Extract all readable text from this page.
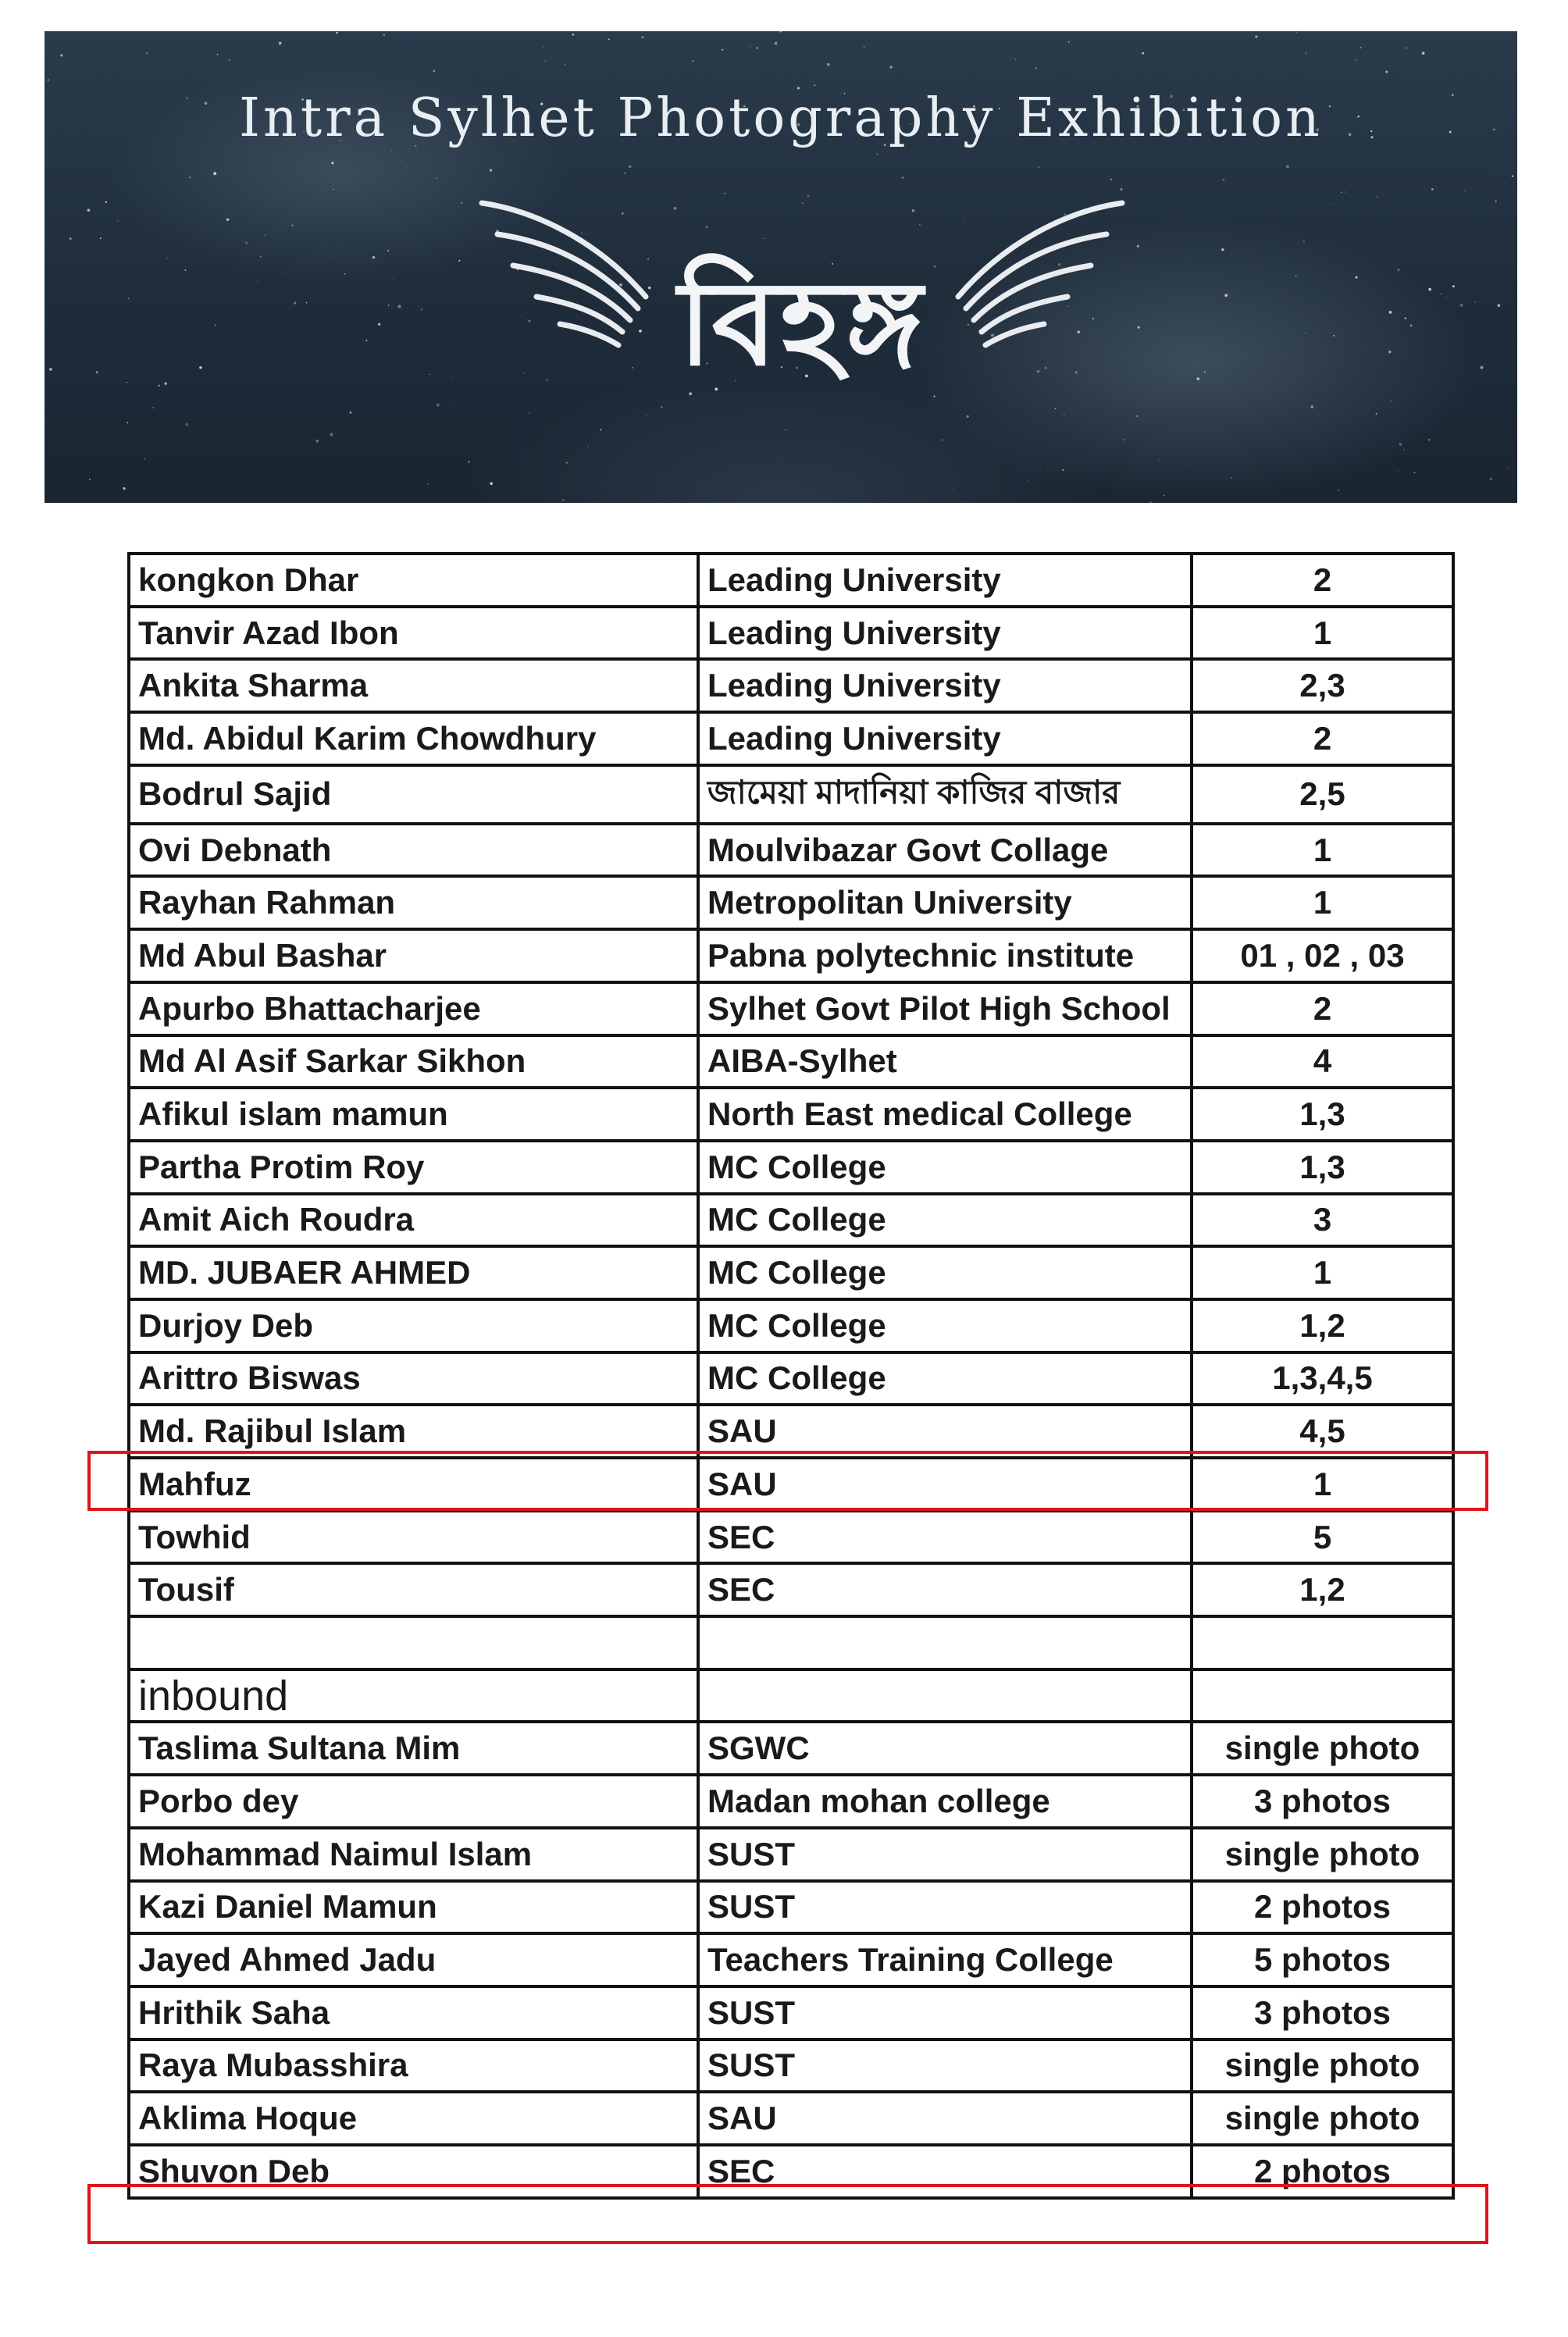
Intra Sylhet Photography Exhibition
বিহঙ্গ
kongkon Dhar	Leading University	2
Tanvir Azad Ibon	Leading University	1
Ankita Sharma	Leading University	2,3
Md. Abidul Karim Chowdhury	Leading University	2
Bodrul Sajid	জামেয়া মাদানিয়া কাজির বাজার	2,5
Ovi Debnath	Moulvibazar Govt Collage	1
Rayhan Rahman	Metropolitan University	1
Md Abul Bashar	Pabna polytechnic institute	01 , 02 , 03
Apurbo Bhattacharjee	Sylhet Govt Pilot High School	2
Md Al Asif Sarkar Sikhon	AIBA-Sylhet	4
Afikul islam mamun	North East medical College	1,3
Partha Protim Roy	MC College	1,3
Amit Aich Roudra	MC College	3
MD. JUBAER AHMED	MC College	1
Durjoy Deb	MC College	1,2
Arittro Biswas	MC College	1,3,4,5
Md. Rajibul Islam	SAU	4,5
Mahfuz	SAU	1
Towhid	SEC	5
Tousif	SEC	1,2

inbound		
Taslima Sultana Mim	SGWC	single photo
Porbo dey	Madan mohan college	3 photos
Mohammad Naimul Islam	SUST	single photo
Kazi Daniel Mamun	SUST	2 photos
Jayed Ahmed Jadu	Teachers Training College	5 photos
Hrithik Saha	SUST	3 photos
Raya Mubasshira	SUST	single photo
Aklima Hoque	SAU	single photo
Shuvon Deb	SEC	2 photos
